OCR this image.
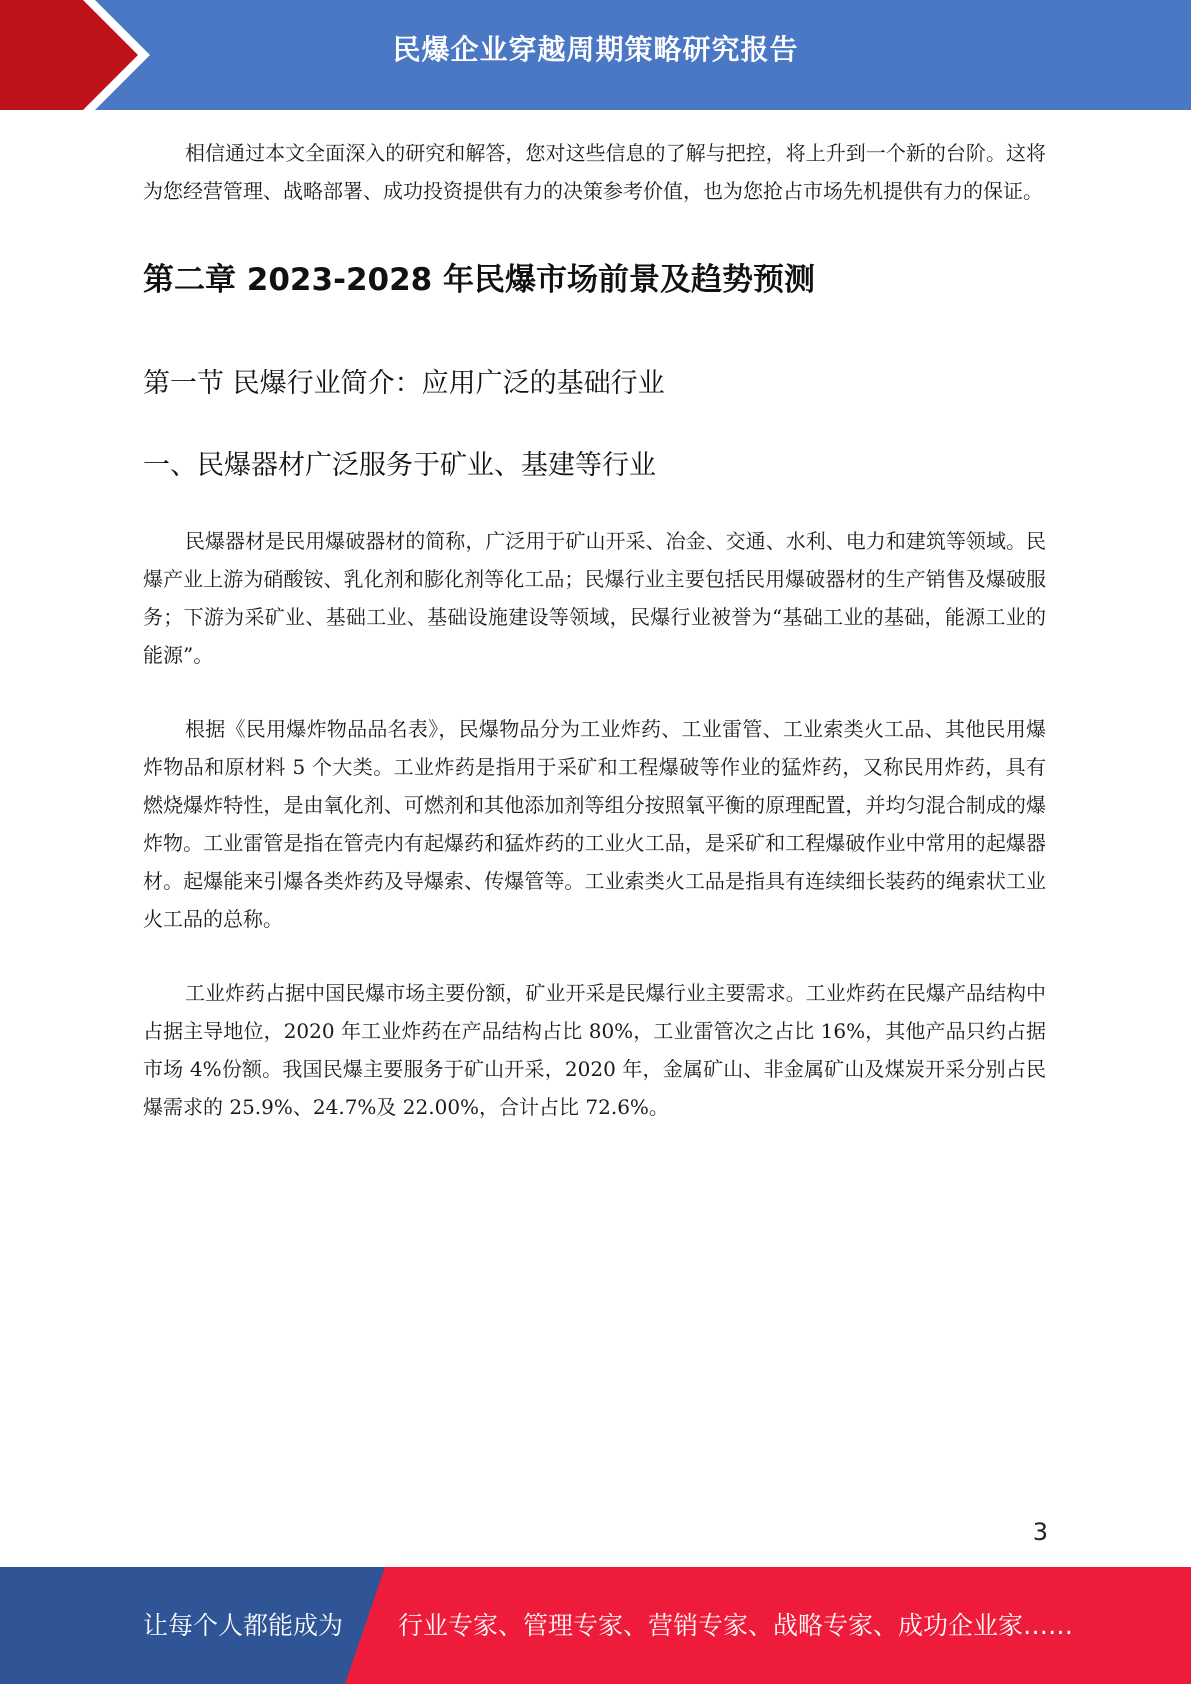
民爆企业穿越周期策略研究报告

相信通过本文全面深入的研究和解答，您对这些信息的了解与把控，将上升到一个新的台阶。这将为您经营管理、战略部署、成功投资提供有力的决策参考价值，也为您抢占市场先机提供有力的保证。

第二章 2023-2028 年民爆市场前景及趋势预测
第一节 民爆行业简介：应用广泛的基础行业
一、民爆器材广泛服务于矿业、基建等行业

民爆器材是民用爆破器材的简称，广泛用于矿山开采、冶金、交通、水利、电力和建筑等领域。民爆产业上游为硝酸铵、乳化剂和膨化剂等化工品；民爆行业主要包括民用爆破器材的生产销售及爆破服务；下游为采矿业、基础工业、基础设施建设等领域，民爆行业被誉为“基础工业的基础，能源工业的能源”。

根据《民用爆炸物品品名表》，民爆物品分为工业炸药、工业雷管、工业索类火工品、其他民用爆炸物品和原材料 5 个大类。工业炸药是指用于采矿和工程爆破等作业的猛炸药，又称民用炸药，具有燃烧爆炸特性，是由氧化剂、可燃剂和其他添加剂等组分按照氧平衡的原理配置，并均匀混合制成的爆炸物。工业雷管是指在管壳内有起爆药和猛炸药的工业火工品，是采矿和工程爆破作业中常用的起爆器材。起爆能来引爆各类炸药及导爆索、传爆管等。工业索类火工品是指具有连续细长装药的绳索状工业火工品的总称。

工业炸药占据中国民爆市场主要份额，矿业开采是民爆行业主要需求。工业炸药在民爆产品结构中占据主导地位，2020 年工业炸药在产品结构占比 80%，工业雷管次之占比 16%，其他产品只约占据市场 4%份额。我国民爆主要服务于矿山开采，2020 年，金属矿山、非金属矿山及煤炭开采分别占民爆需求的 25.9%、24.7%及 22.00%，合计占比 72.6%。

3
让每个人都能成为 行业专家、管理专家、营销专家、战略专家、成功企业家……
